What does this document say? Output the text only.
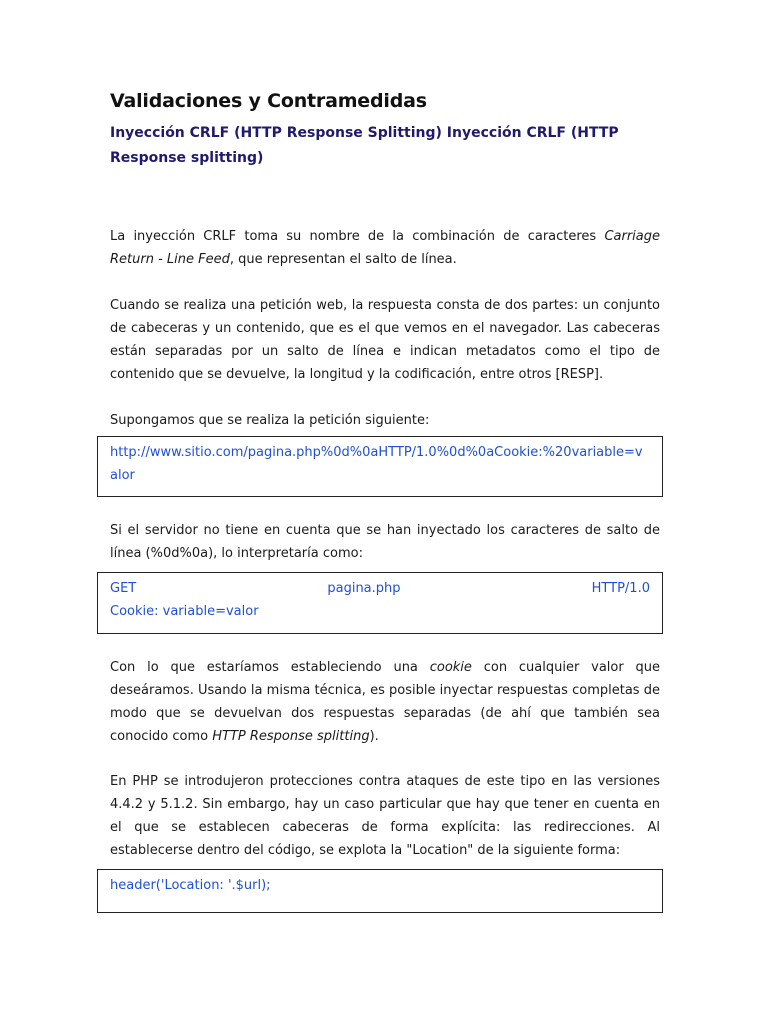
Validaciones y Contramedidas
Inyección CRLF (HTTP Response Splitting) Inyección CRLF (HTTP Response splitting)

La inyección CRLF toma su nombre de la combinación de caracteres Carriage Return - Line Feed, que representan el salto de línea.

Cuando se realiza una petición web, la respuesta consta de dos partes: un conjunto de cabeceras y un contenido, que es el que vemos en el navegador. Las cabeceras están separadas por un salto de línea e indican metadatos como el tipo de contenido que se devuelve, la longitud y la codificación, entre otros [RESP].

Supongamos que se realiza la petición siguiente:

http://www.sitio.com/pagina.php%0d%0aHTTP/1.0%0d%0aCookie:%20variable=valor

Si el servidor no tiene en cuenta que se han inyectado los caracteres de salto de línea (%0d%0a), lo interpretaría como:

GET	pagina.php	HTTP/1.0
Cookie: variable=valor

Con lo que estaríamos estableciendo una cookie con cualquier valor que deseáramos. Usando la misma técnica, es posible inyectar respuestas completas de modo que se devuelvan dos respuestas separadas (de ahí que también sea conocido como HTTP Response splitting).

En PHP se introdujeron protecciones contra ataques de este tipo en las versiones 4.4.2 y 5.1.2. Sin embargo, hay un caso particular que hay que tener en cuenta en el que se establecen cabeceras de forma explícita: las redirecciones. Al establecerse dentro del código, se explota la "Location" de la siguiente forma:

header('Location: '.$url);
